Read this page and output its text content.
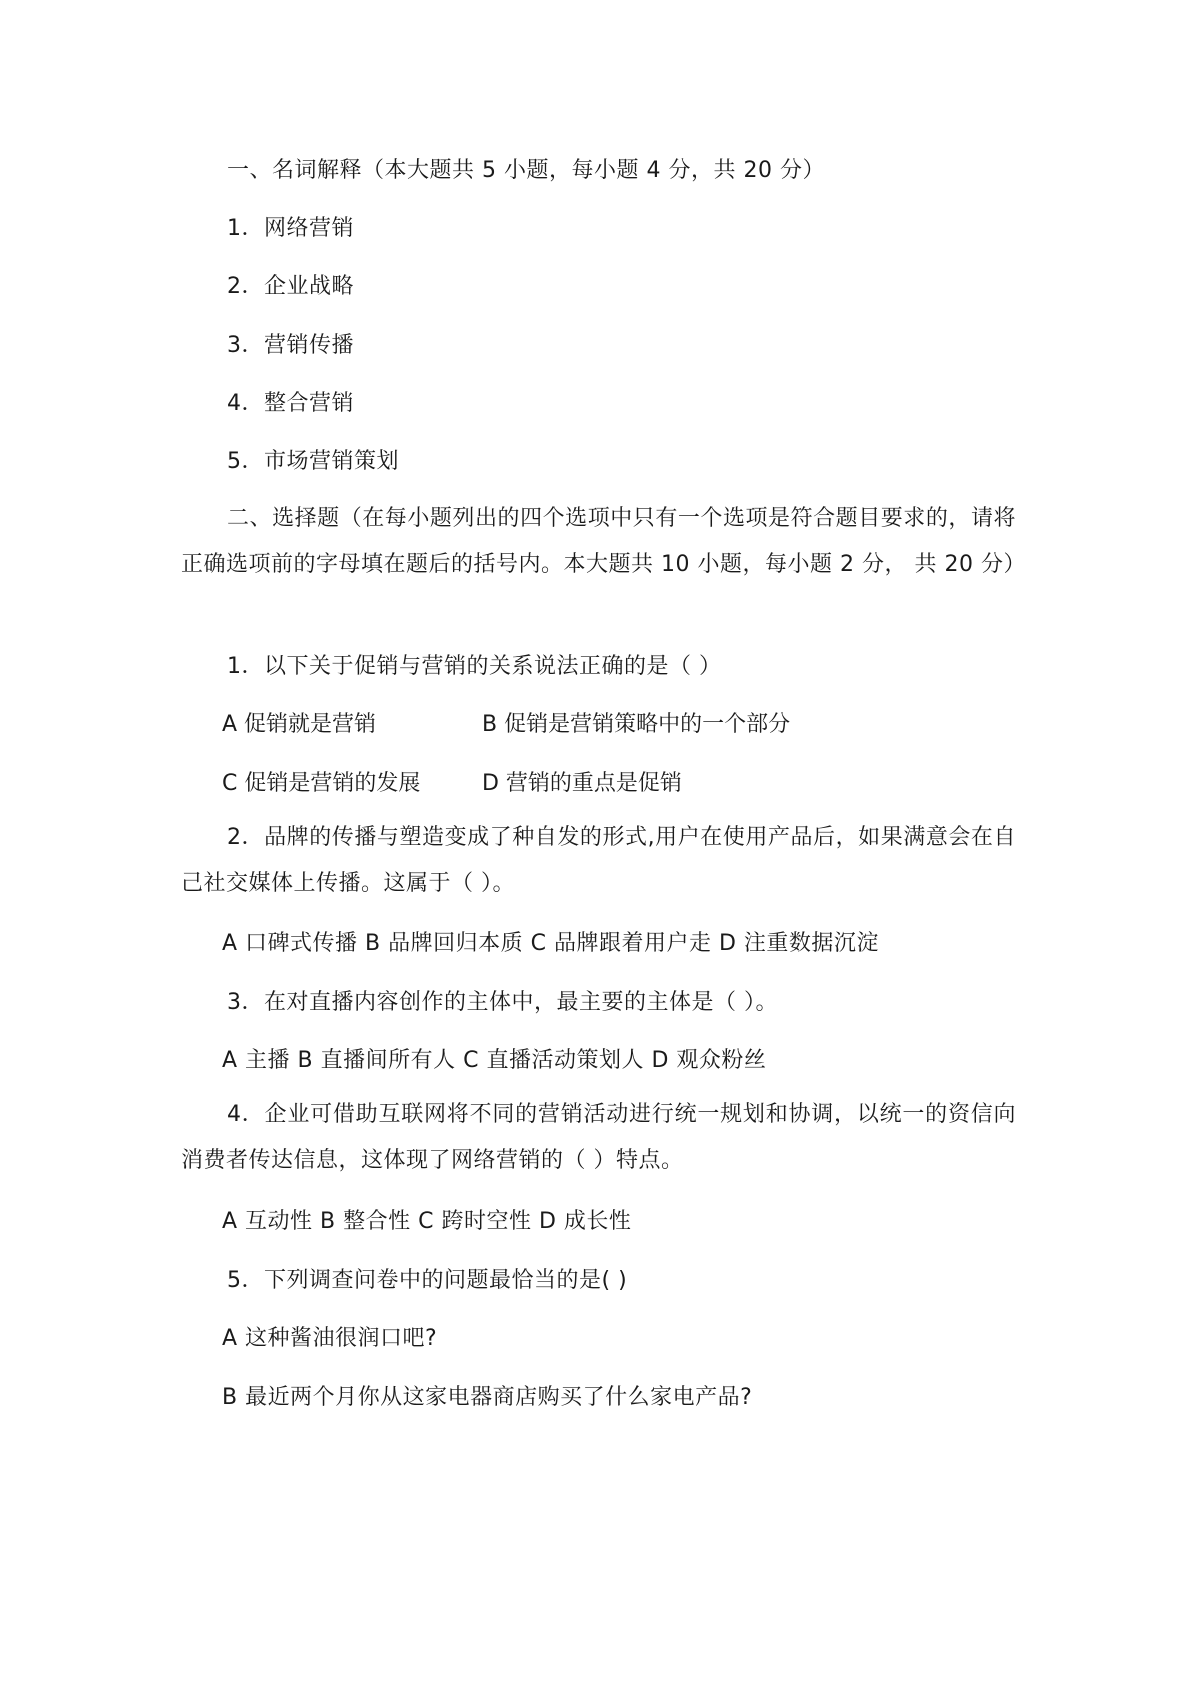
一、名词解释（本大题共 5 小题，每小题 4 分，共 20 分）
1．网络营销
2．企业战略
3．营销传播
4．整合营销
5．市场营销策划
二、选择题（在每小题列出的四个选项中只有一个选项是符合题目要求的，请将正确选项前的字母填在题后的括号内。本大题共 10 小题，每小题 2 分， 共 20 分）
1．以下关于促销与营销的关系说法正确的是（ ）
A 促销就是营销	B 促销是营销策略中的一个部分
C 促销是营销的发展	D 营销的重点是促销
2．品牌的传播与塑造变成了种自发的形式,用户在使用产品后，如果满意会在自己社交媒体上传播。这属于（ ）。
A 口碑式传播 B 品牌回归本质 C 品牌跟着用户走 D 注重数据沉淀
3．在对直播内容创作的主体中，最主要的主体是（ ）。
A 主播 B 直播间所有人 C 直播活动策划人 D 观众粉丝
4．企业可借助互联网将不同的营销活动进行统一规划和协调，以统一的资信向消费者传达信息，这体现了网络营销的（ ）特点。
A 互动性 B 整合性 C 跨时空性 D 成长性
5．下列调查问卷中的问题最恰当的是( )
A 这种酱油很润口吧?
B 最近两个月你从这家电器商店购买了什么家电产品?
